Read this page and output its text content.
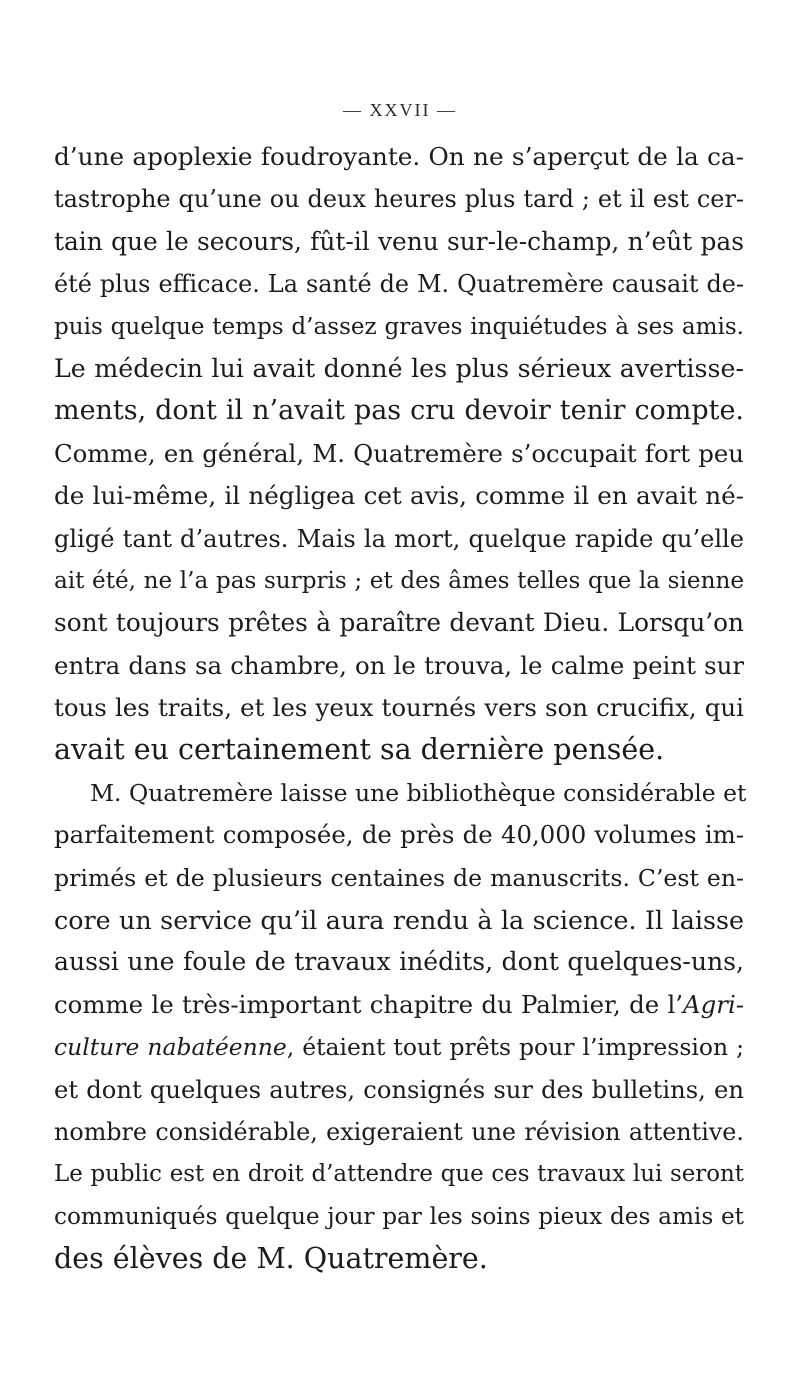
— XXVII —
d’une apoplexie foudroyante. On ne s’aperçut de la ca-
tastrophe qu’une ou deux heures plus tard ; et il est cer-
tain que le secours, fût-il venu sur-le-champ, n’eût pas
été plus efficace. La santé de M. Quatremère causait de-
puis quelque temps d’assez graves inquiétudes à ses amis.
Le médecin lui avait donné les plus sérieux avertisse-
ments, dont il n’avait pas cru devoir tenir compte.
Comme, en général, M. Quatremère s’occupait fort peu
de lui-même, il négligea cet avis, comme il en avait né-
gligé tant d’autres. Mais la mort, quelque rapide qu’elle
ait été, ne l’a pas surpris ; et des âmes telles que la sienne
sont toujours prêtes à paraître devant Dieu. Lorsqu’on
entra dans sa chambre, on le trouva, le calme peint sur
tous les traits, et les yeux tournés vers son crucifix, qui
avait eu certainement sa dernière pensée.
M. Quatremère laisse une bibliothèque considérable et
parfaitement composée, de près de 40,000 volumes im-
primés et de plusieurs centaines de manuscrits. C’est en-
core un service qu’il aura rendu à la science. Il laisse
aussi une foule de travaux inédits, dont quelques-uns,
comme le très-important chapitre du Palmier, de l’Agri-
culture nabatéenne, étaient tout prêts pour l’impression ;
et dont quelques autres, consignés sur des bulletins, en
nombre considérable, exigeraient une révision attentive.
Le public est en droit d’attendre que ces travaux lui seront
communiqués quelque jour par les soins pieux des amis et
des élèves de M. Quatremère.
